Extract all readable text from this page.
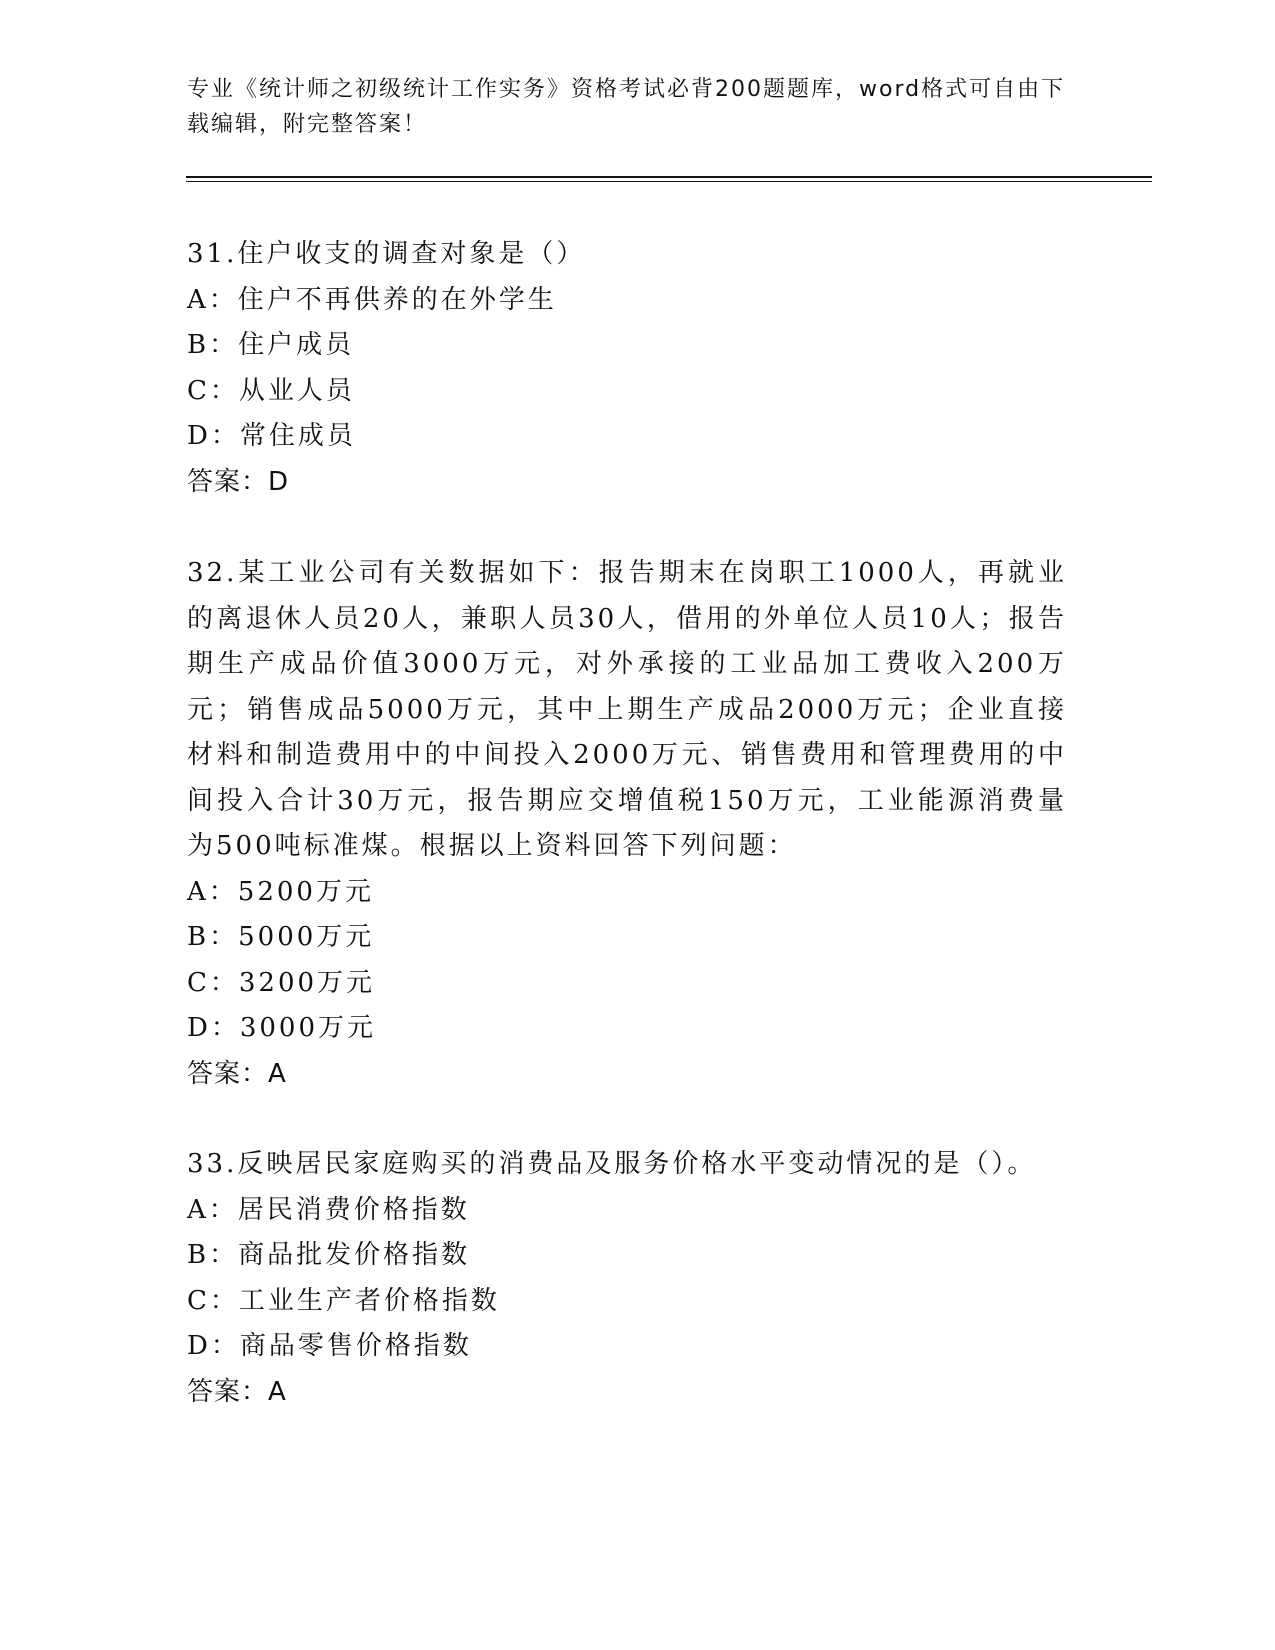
专业《统计师之初级统计工作实务》资格考试必背200题题库，word格式可自由下载编辑，附完整答案！

31.住户收支的调查对象是（）

A：住户不再供养的在外学生

B：住户成员

C：从业人员

D：常住成员

答案：D

32.某工业公司有关数据如下：报告期末在岗职工1000人，再就业的离退休人员20人，兼职人员30人，借用的外单位人员10人；报告期生产成品价值3000万元，对外承接的工业品加工费收入200万元；销售成品5000万元，其中上期生产成品2000万元；企业直接材料和制造费用中的中间投入2000万元、销售费用和管理费用的中间投入合计30万元，报告期应交增值税150万元，工业能源消费量为500吨标准煤。根据以上资料回答下列问题：

A：5200万元

B：5000万元

C：3200万元

D：3000万元

答案：A

33.反映居民家庭购买的消费品及服务价格水平变动情况的是（）。

A：居民消费价格指数

B：商品批发价格指数

C：工业生产者价格指数

D：商品零售价格指数

答案：A
